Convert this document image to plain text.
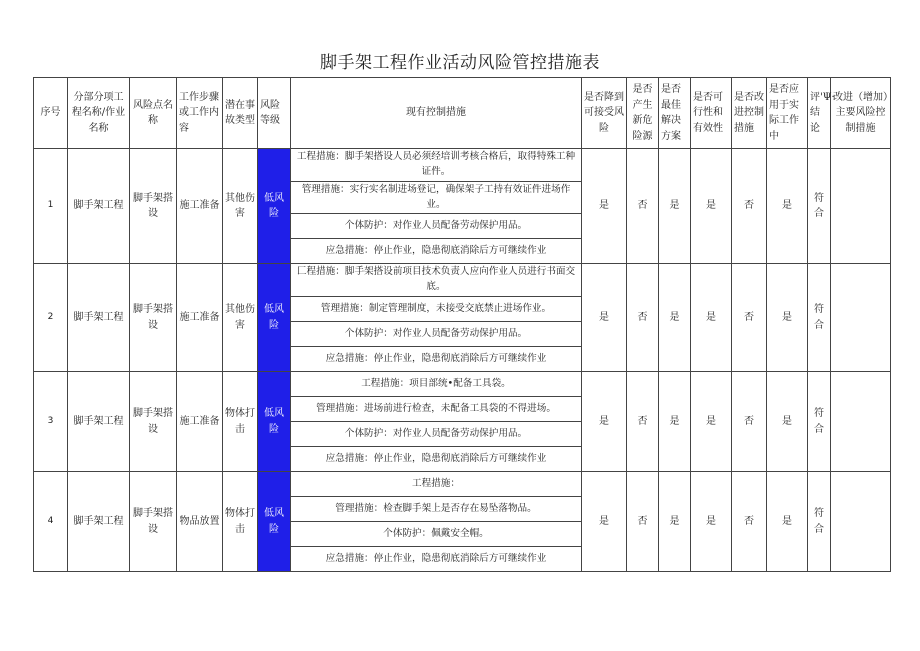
脚手架工程作业活动风险管控措施表
序号	分部分项工程名称/作业名称	风险点名称	工作步骤或工作内容	潜在事故类型	风险等级	现有控制措施	是否降到可接受风险	是否产生新危险源	是否最佳解决方案	是否可行性和有效性	是否改进控制措施	是否应用于实际工作中	评'Ψ·结论	改进（增加）主要风险控制措施
1	脚手架工程	脚手架搭设	施工准备	其他伤害	低风险	工程措施：脚手架搭设人员必须经培训考核合格后，取得特殊工种证件。	是	否	是	是	否	是	符合	
						管理措施：实行实名制进场登记，确保架子工持有效证件进场作业。								
						个体防护：对作业人员配备劳动保护用品。								
						应急措施：停止作业，隐患彻底消除后方可继续作业								
2	脚手架工程	脚手架搭设	施工准备	其他伤害	低风险	匚程措施：脚手架搭设前项目技术负责人应向作业人员进行书面交底。	是	否	是	是	否	是	符合	
						管理措施：制定管理制度，未接受交底禁止进场作业。								
						个体防护：对作业人员配备劳动保护用品。								
						应急措施：停止作业，隐患彻底消除后方可继续作业								
3	脚手架工程	脚手架搭设	施工准备	物体打击	低风险	工程措施：项目部统•配备工具袋。	是	否	是	是	否	是	符合	
						管理措施：进场前进行检查，未配备工具袋的不得进场。								
						个体防护：对作业人员配备劳动保护用品。								
						应急措施：停止作业，隐患彻底消除后方可继续作业								
4	脚手架工程	脚手架搭设	物品放置	物体打击	低风险	工程措施：	是	否	是	是	否	是	符合	
						管理措施：检查脚手架上是否存在易坠落物品。								
						个体防护：佩戴安全帽。								
						应急措施：停止作业，隐患彻底消除后方可继续作业								
